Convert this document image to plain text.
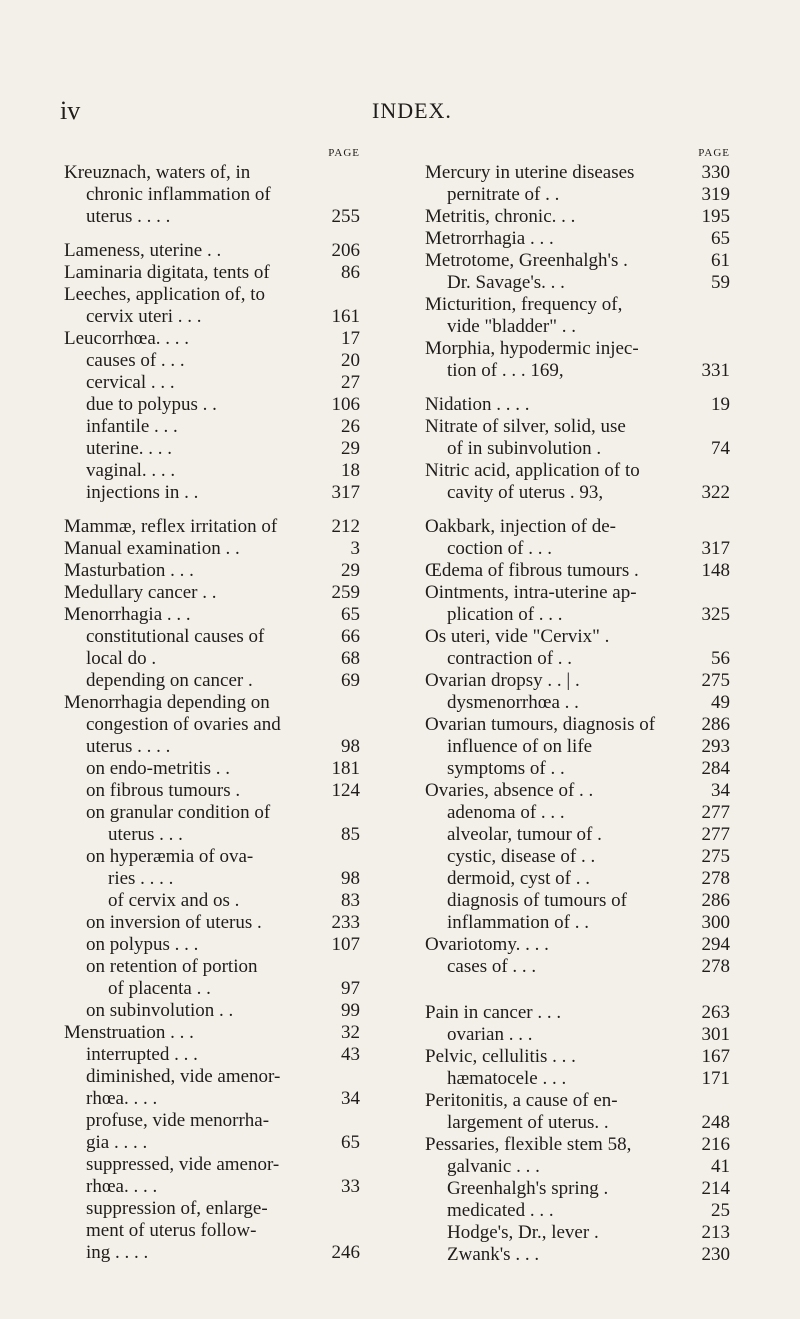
iv	INDEX.
PAGE
Kreuznach, waters of, in
chronic inflammation of
uterus . . . .	255
Lameness, uterine . .	206
Laminaria digitata, tents of	86
Leeches, application of, to
cervix uteri . . .	161
Leucorrhœa. . . .	17
causes of . . .	20
cervical . . .	27
due to polypus . .	106
infantile . . .	26
uterine. . . .	29
vaginal. . . .	18
injections in . .	317
Mammæ, reflex irritation of	212
Manual examination . .	3
Masturbation . . .	29
Medullary cancer . .	259
Menorrhagia . . .	65
constitutional causes of	66
local do .	68
depending on cancer .	69
Menorrhagia depending on
congestion of ovaries and
uterus . . . .	98
on endo-metritis . .	181
on fibrous tumours .	124
on granular condition of
uterus . . .	85
on hyperæmia of ova-
ries . . . .	98
of cervix and os .	83
on inversion of uterus .	233
on polypus . . .	107
on retention of portion
of placenta . .	97
on subinvolution . .	99
Menstruation . . .	32
interrupted . . .	43
diminished, vide amenor-
rhœa. . . .	34
profuse, vide menorrha-
gia . . . .	65
suppressed, vide amenor-
rhœa. . . .	33
suppression of, enlarge-
ment of uterus follow-
ing . . . .	246
PAGE
Mercury in uterine diseases	330
pernitrate of . .	319
Metritis, chronic. . .	195
Metrorrhagia . . .	65
Metrotome, Greenhalgh's .	61
Dr. Savage's. . .	59
Micturition, frequency of,
vide "bladder" . .
Morphia, hypodermic injec-
tion of . . . 169,	331
Nidation . . . .	19
Nitrate of silver, solid, use
of in subinvolution .	74
Nitric acid, application of to
cavity of uterus . 93,	322
Oakbark, injection of de-
coction of . . .	317
Œdema of fibrous tumours .	148
Ointments, intra-uterine ap-
plication of . . .	325
Os uteri, vide "Cervix" .
contraction of . .	56
Ovarian dropsy . . | .	275
dysmenorrhœa . .	49
Ovarian tumours, diagnosis of 286
influence of on life	293
symptoms of . .	284
Ovaries, absence of . .	34
adenoma of . . .	277
alveolar, tumour of .	277
cystic, disease of . .	275
dermoid, cyst of . .	278
diagnosis of tumours of	286
inflammation of . .	300
Ovariotomy. . . .	294
cases of . . .	278
Pain in cancer . . .	263
ovarian . . .	301
Pelvic, cellulitis . . .	167
hæmatocele . . .	171
Peritonitis, a cause of en-
largement of uterus. .	248
Pessaries, flexible stem 58,	216
galvanic . . .	41
Greenhalgh's spring .	214
medicated . . .	25
Hodge's, Dr., lever .	213
Zwank's . . .	230
